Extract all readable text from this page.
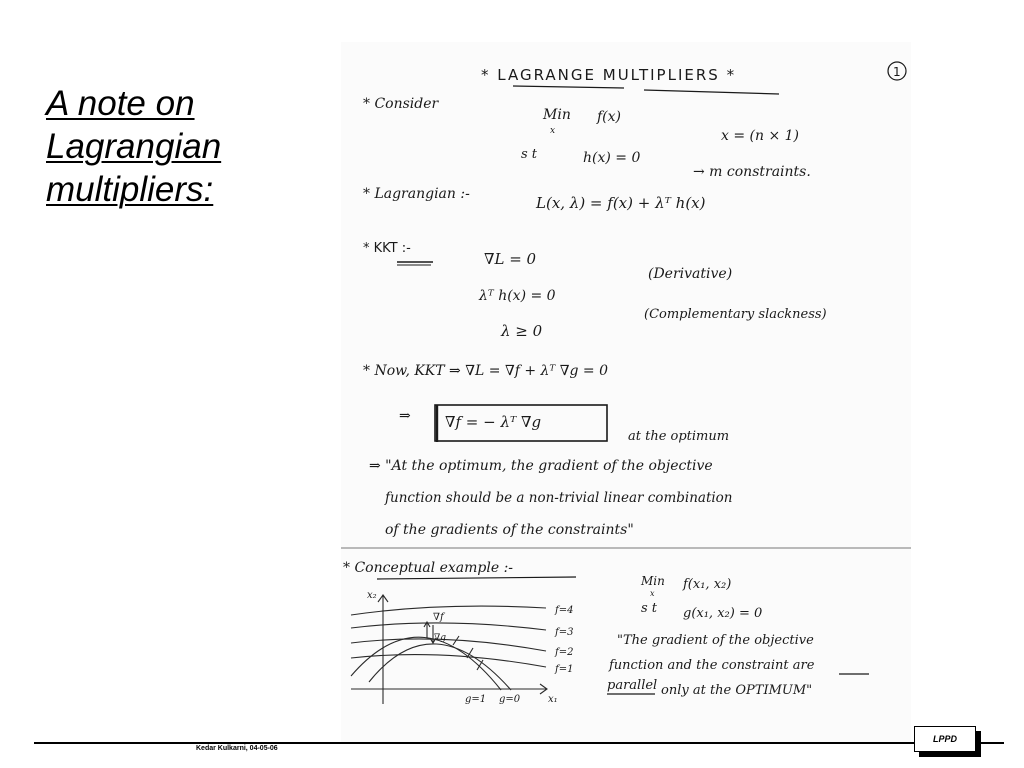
A note on Lagrangian multipliers:
* LAGRANGE MULTIPLIERS *	1
* Consider
Min
x
f(x)
x = (n × 1)
s t	h(x) = 0
→ m constraints.
* Lagrangian :-	L(x, λ) = f(x) + λᵀ h(x)
* KKT :-
∇L = 0
(Derivative)
λᵀ h(x) = 0
(Complementary slackness)
λ ≥ 0
* Now, KKT ⇒ ∇L = ∇f + λᵀ ∇g = 0
⇒ ∇f = − λᵀ ∇g
at the optimum
⇒ "At the optimum, the gradient of the objective
function should be a non-trivial linear combination
of the gradients of the constraints"
* Conceptual example :-
Min
x
f(x₁, x₂)
s t g(x₁, x₂) = 0
"The gradient of the objective
function and the constraint are
parallel only at the OPTIMUM"
x₂
x₁
∇f
∇g
f=4
f=3
f=2
f=1
g=1 g=0
Kedar Kulkarni, 04-05-06
LPPD
